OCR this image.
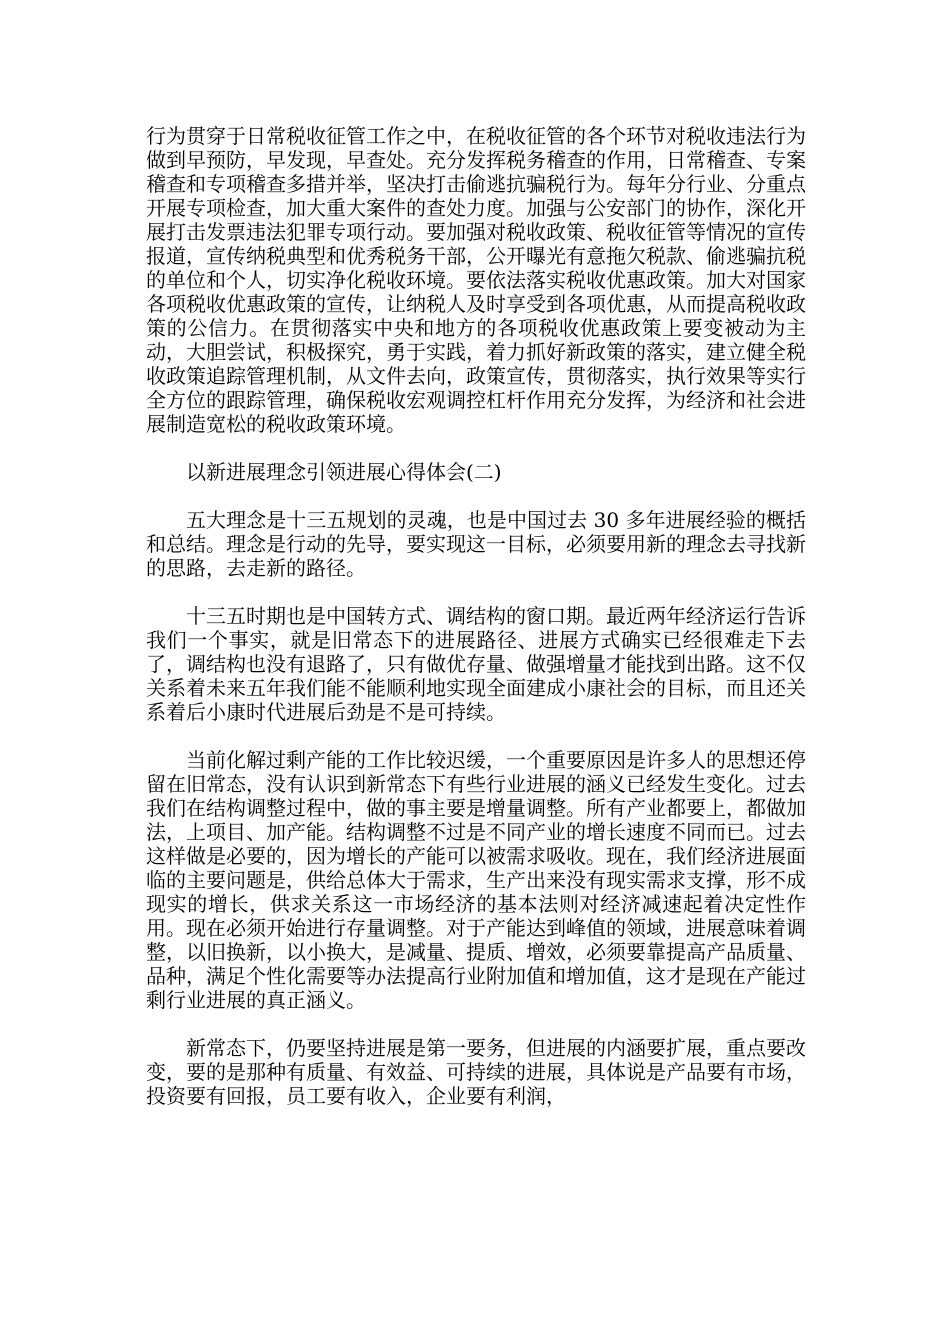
行为贯穿于日常税收征管工作之中，在税收征管的各个环节对税收违法行为做到早预防，早发现，早查处。充分发挥税务稽查的作用，日常稽查、专案稽查和专项稽查多措并举，坚决打击偷逃抗骗税行为。每年分行业、分重点开展专项检查，加大重大案件的查处力度。加强与公安部门的协作，深化开展打击发票违法犯罪专项行动。要加强对税收政策、税收征管等情况的宣传报道，宣传纳税典型和优秀税务干部，公开曝光有意拖欠税款、偷逃骗抗税的单位和个人，切实净化税收环境。要依法落实税收优惠政策。加大对国家各项税收优惠政策的宣传，让纳税人及时享受到各项优惠，从而提高税收政策的公信力。在贯彻落实中央和地方的各项税收优惠政策上要变被动为主动，大胆尝试，积极探究，勇于实践，着力抓好新政策的落实，建立健全税收政策追踪管理机制，从文件去向，政策宣传，贯彻落实，执行效果等实行全方位的跟踪管理，确保税收宏观调控杠杆作用充分发挥，为经济和社会进展制造宽松的税收政策环境。

以新进展理念引领进展心得体会(二)

五大理念是十三五规划的灵魂，也是中国过去 30 多年进展经验的概括和总结。理念是行动的先导，要实现这一目标，必须要用新的理念去寻找新的思路，去走新的路径。

十三五时期也是中国转方式、调结构的窗口期。最近两年经济运行告诉我们一个事实，就是旧常态下的进展路径、进展方式确实已经很难走下去了，调结构也没有退路了，只有做优存量、做强增量才能找到出路。这不仅关系着未来五年我们能不能顺利地实现全面建成小康社会的目标，而且还关系着后小康时代进展后劲是不是可持续。

当前化解过剩产能的工作比较迟缓，一个重要原因是许多人的思想还停留在旧常态，没有认识到新常态下有些行业进展的涵义已经发生变化。过去我们在结构调整过程中，做的事主要是增量调整。所有产业都要上，都做加法，上项目、加产能。结构调整不过是不同产业的增长速度不同而已。过去这样做是必要的，因为增长的产能可以被需求吸收。现在，我们经济进展面临的主要问题是，供给总体大于需求，生产出来没有现实需求支撑，形不成现实的增长，供求关系这一市场经济的基本法则对经济减速起着决定性作用。现在必须开始进行存量调整。对于产能达到峰值的领域，进展意味着调整，以旧换新，以小换大，是减量、提质、增效，必须要靠提高产品质量、品种，满足个性化需要等办法提高行业附加值和增加值，这才是现在产能过剩行业进展的真正涵义。

新常态下，仍要坚持进展是第一要务，但进展的内涵要扩展，重点要改变，要的是那种有质量、有效益、可持续的进展，具体说是产品要有市场，投资要有回报，员工要有收入，企业要有利润，
